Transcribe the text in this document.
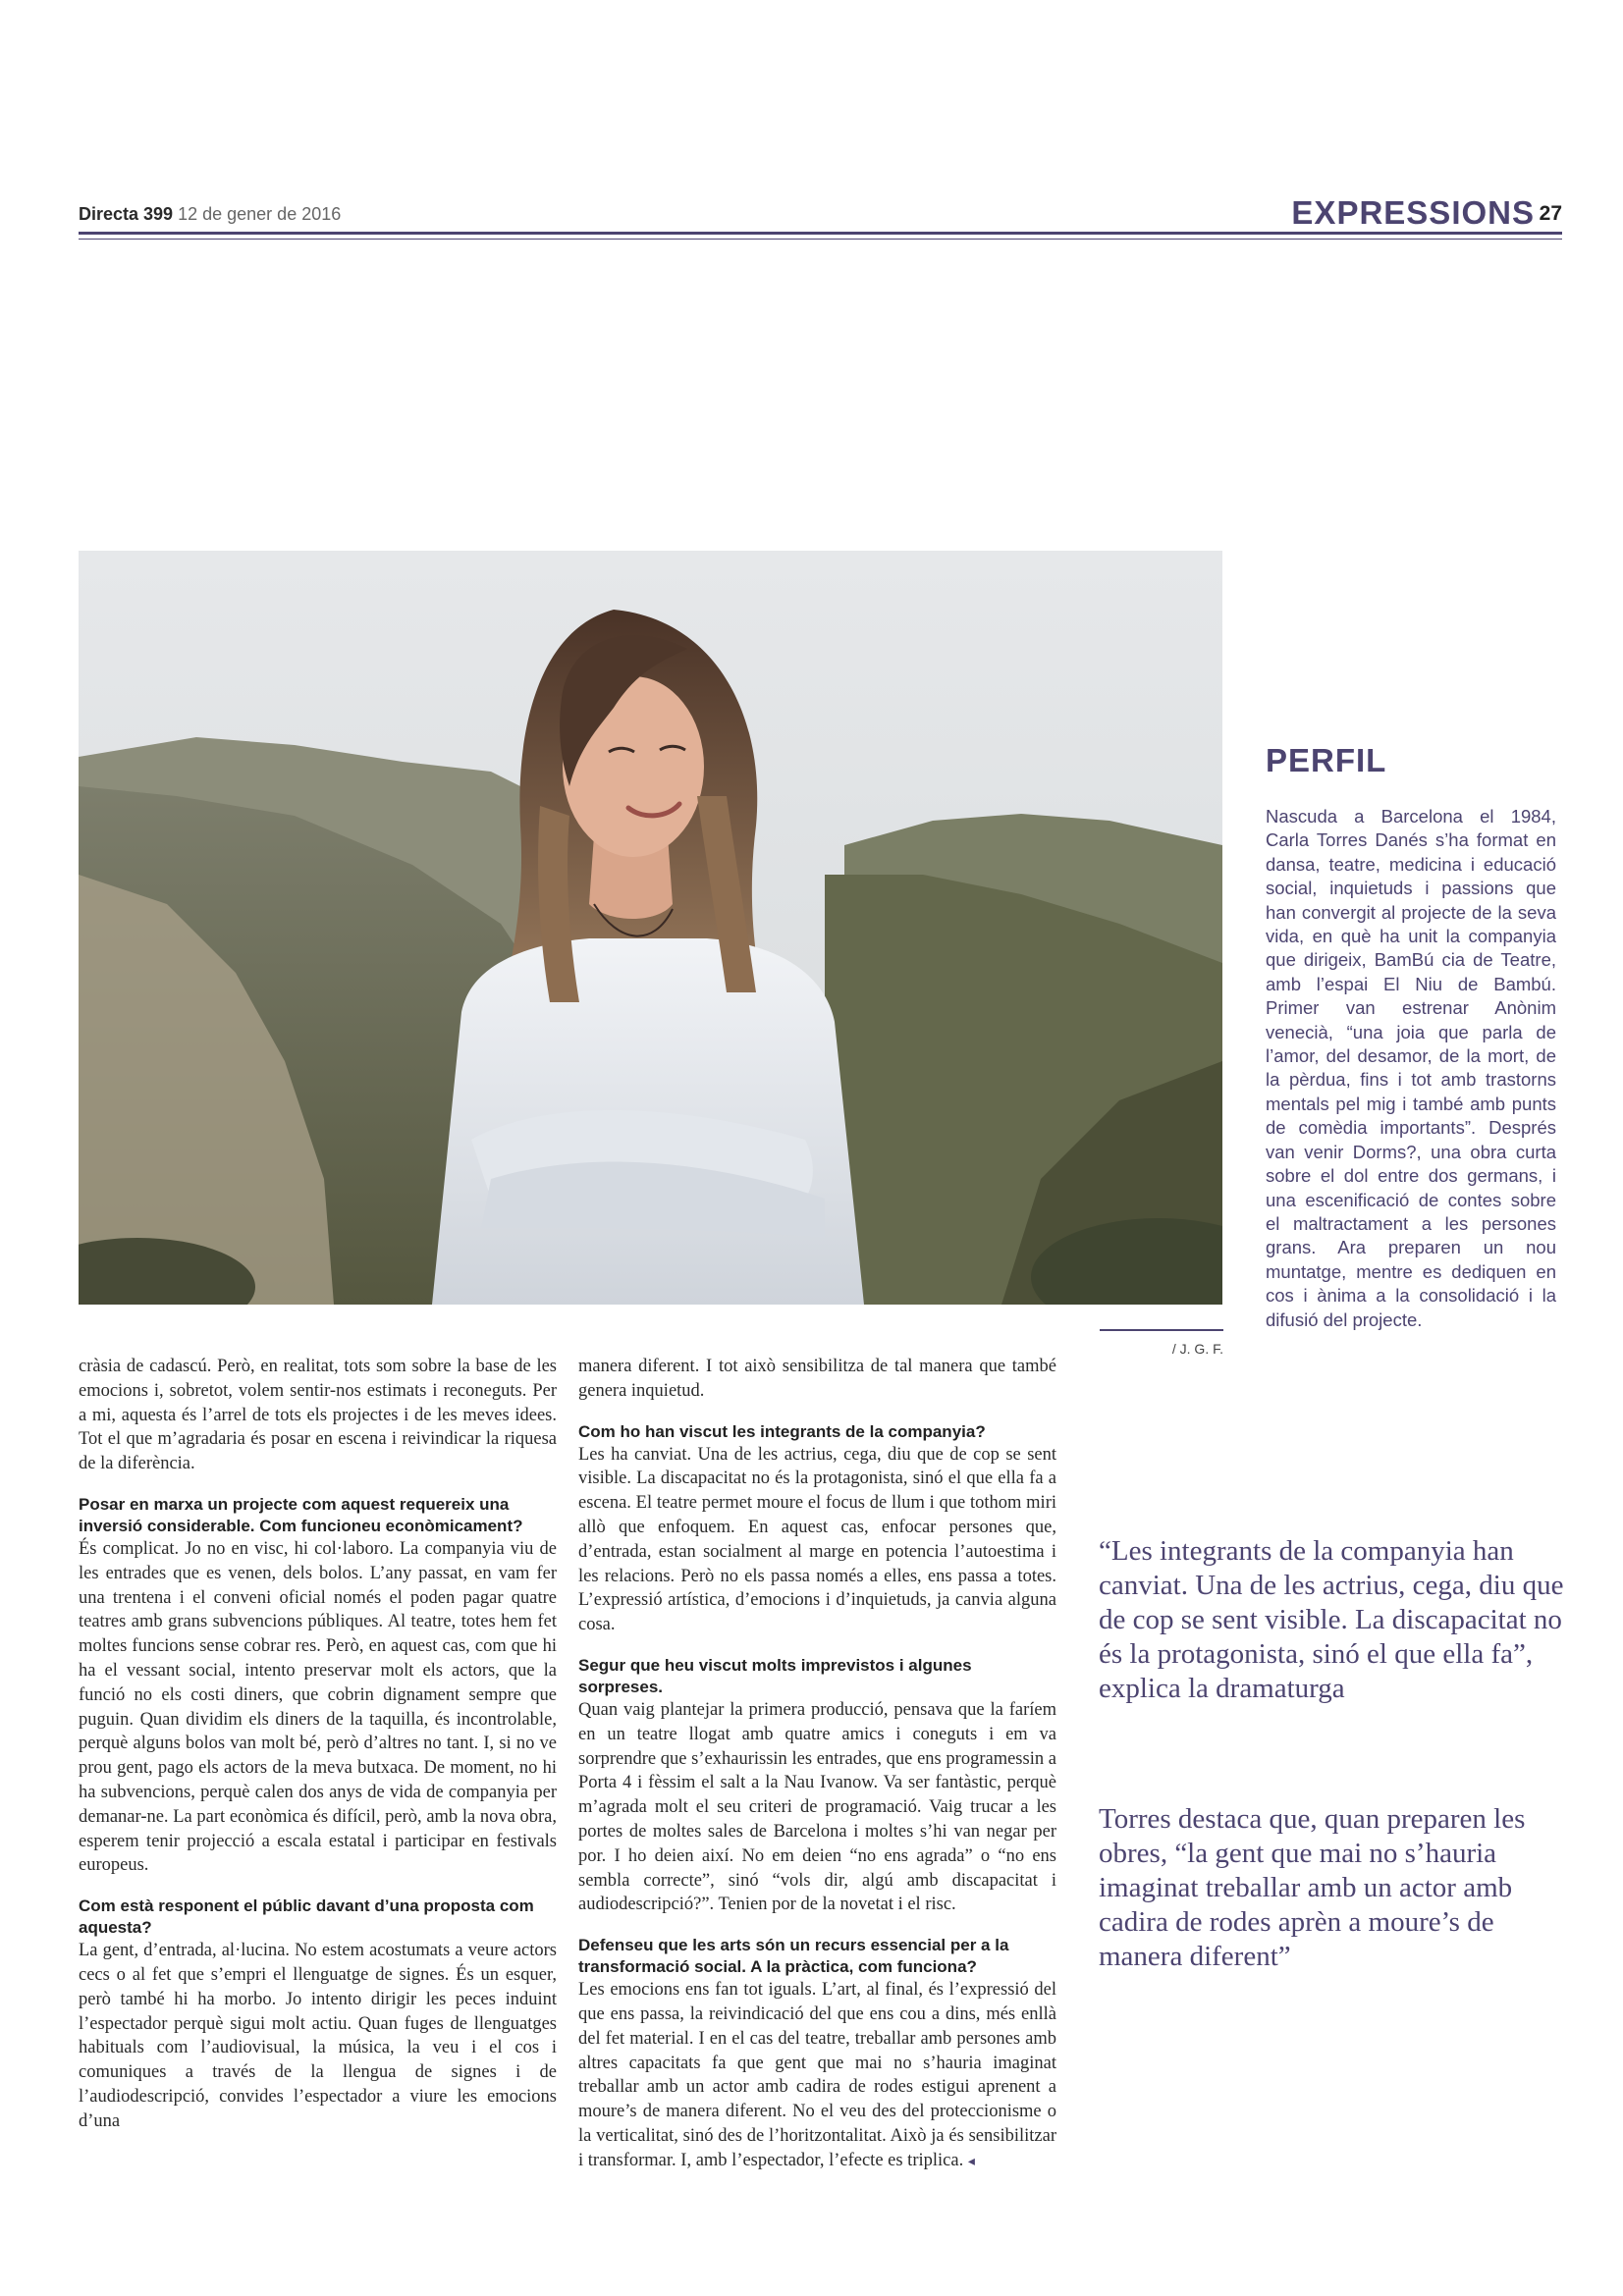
Directa 399 12 de gener de 2016	EXPRESSIONS 27
/ J. G. F.
PERFIL
Nascuda a Barcelona el 1984, Carla Torres Danés s’ha format en dansa, teatre, medicina i educació social, inquietuds i passions que han convergit al projecte de la seva vida, en què ha unit la companyia que dirigeix, BamBú cia de Teatre, amb l’espai El Niu de Bambú. Primer van estrenar Anònim venecià, “una joia que parla de l’amor, del desamor, de la mort, de la pèrdua, fins i tot amb trastorns mentals pel mig i també amb punts de comèdia importants”. Després van venir Dorms?, una obra curta sobre el dol entre dos germans, i una escenificació de contes sobre el maltractament a les persones grans. Ara preparen un nou muntatge, mentre es dediquen en cos i ànima a la consolidació i la difusió del projecte.

cràsia de cadascú. Però, en realitat, tots som sobre la base de les emocions i, sobretot, volem sentir-nos estimats i reconeguts. Per a mi, aquesta és l’arrel de tots els projectes i de les meves idees. Tot el que m’agradaria és posar en escena i reivindicar la riquesa de la diferència.

Posar en marxa un projecte com aquest requereix una inversió considerable. Com funcioneu econòmicament?

És complicat. Jo no en visc, hi col·laboro. La companyia viu de les entrades que es venen, dels bolos. L’any passat, en vam fer una trentena i el conveni oficial només el poden pagar quatre teatres amb grans subvencions públiques. Al teatre, totes hem fet moltes funcions sense cobrar res. Però, en aquest cas, com que hi ha el vessant social, intento preservar molt els actors, que la funció no els costi diners, que cobrin dignament sempre que puguin. Quan dividim els diners de la taquilla, és incontrolable, perquè alguns bolos van molt bé, però d’altres no tant. I, si no ve prou gent, pago els actors de la meva butxaca. De moment, no hi ha subvencions, perquè calen dos anys de vida de companyia per demanar-ne. La part econòmica és difícil, però, amb la nova obra, esperem tenir projecció a escala estatal i participar en festivals europeus.

Com està responent el públic davant d’una proposta com aquesta?

La gent, d’entrada, al·lucina. No estem acostumats a veure actors cecs o al fet que s’empri el llenguatge de signes. És un esquer, però també hi ha morbo. Jo intento dirigir les peces induint l’espectador perquè sigui molt actiu. Quan fuges de llenguatges habituals com l’audiovisual, la música, la veu i el cos i comuniques a través de la llengua de signes i de l’audiodescripció, convides l’espectador a viure les emocions d’una

manera diferent. I tot això sensibilitza de tal manera que també genera inquietud.

Com ho han viscut les integrants de la companyia?

Les ha canviat. Una de les actrius, cega, diu que de cop se sent visible. La discapacitat no és la protagonista, sinó el que ella fa a escena. El teatre permet moure el focus de llum i que tothom miri allò que enfoquem. En aquest cas, enfocar persones que, d’entrada, estan socialment al marge en potencia l’autoestima i les relacions. Però no els passa només a elles, ens passa a totes. L’expressió artística, d’emocions i d’inquietuds, ja canvia alguna cosa.

Segur que heu viscut molts imprevistos i algunes sorpreses.

Quan vaig plantejar la primera producció, pensava que la faríem en un teatre llogat amb quatre amics i coneguts i em va sorprendre que s’exhaurissin les entrades, que ens programessin a Porta 4 i fèssim el salt a la Nau Ivanow. Va ser fantàstic, perquè m’agrada molt el seu criteri de programació. Vaig trucar a les portes de moltes sales de Barcelona i moltes s’hi van negar per por. I ho deien així. No em deien “no ens agrada” o “no ens sembla correcte”, sinó “vols dir, algú amb discapacitat i audiodescripció?”. Tenien por de la novetat i el risc.

Defenseu que les arts són un recurs essencial per a la transformació social. A la pràctica, com funciona?

Les emocions ens fan tot iguals. L’art, al final, és l’expressió del que ens passa, la reivindicació del que ens cou a dins, més enllà del fet material. I en el cas del teatre, treballar amb persones amb altres capacitats fa que gent que mai no s’hauria imaginat treballar amb un actor amb cadira de rodes estigui aprenent a moure’s de manera diferent. No el veu des del proteccionisme o la verticalitat, sinó des de l’horitzontalitat. Això ja és sensibilitzar i transformar. I, amb l’espectador, l’efecte es triplica. ◂

“Les integrants de la companyia han canviat. Una de les actrius, cega, diu que de cop se sent visible. La discapacitat no és la protagonista, sinó el que ella fa”, explica la dramaturga
Torres destaca que, quan preparen les obres, “la gent que mai no s’hauria imaginat treballar amb un actor amb cadira de rodes aprèn a moure’s de manera diferent”
